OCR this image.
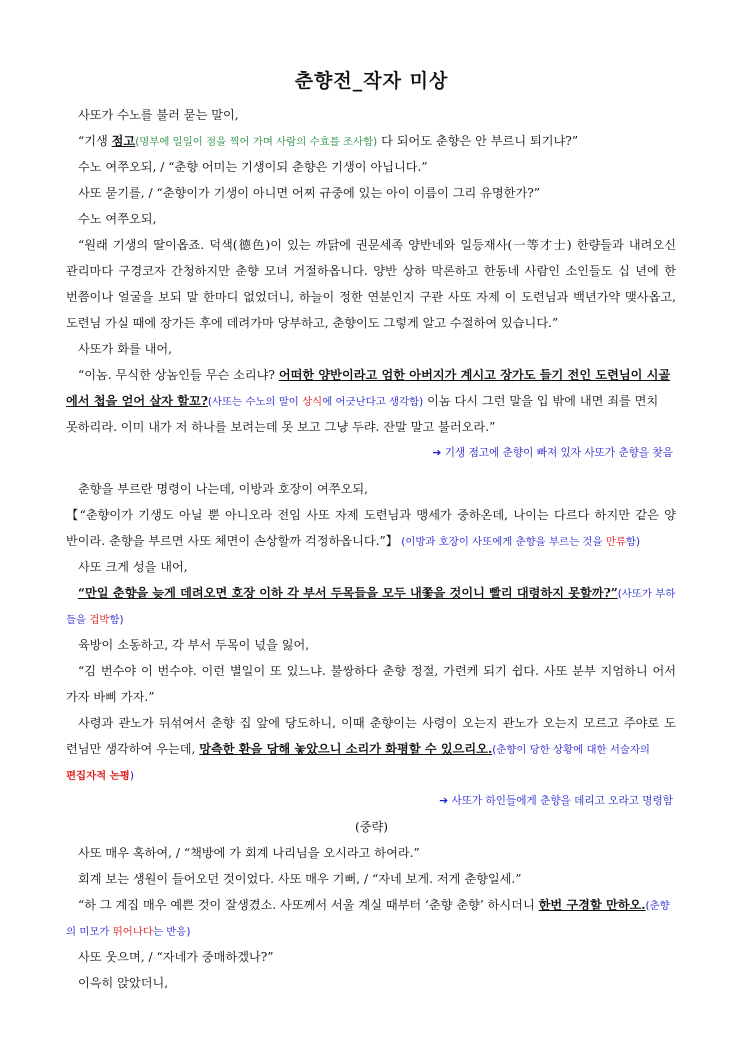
춘향전_작자 미상
사또가 수노를 불러 묻는 말이,
“기생 점고(명부에 일일이 점을 찍어 가며 사람의 수효를 조사함) 다 되어도 춘향은 안 부르니 퇴기냐?”
수노 여쭈오되, / “춘향 어미는 기생이되 춘향은 기생이 아닙니다.”
사또 묻기를, / “춘향이가 기생이 아니면 어찌 규중에 있는 아이 이름이 그리 유명한가?”
수노 여쭈오되,
“원래 기생의 딸이옵죠. 덕색(德色)이 있는 까닭에 권문세족 양반네와 일등재사(一等才士) 한량들과 내려오신
관리마다 구경코자 간청하지만 춘향 모녀 거절하옵니다. 양반 상하 막론하고 한동네 사람인 소인들도 십 년에 한
번쯤이나 얼굴을 보되 말 한마디 없었더니, 하늘이 정한 연분인지 구관 사또 자제 이 도련님과 백년가약 맺사옵고,
도련님 가실 때에 장가든 후에 데려가마 당부하고, 춘향이도 그렇게 알고 수절하여 있습니다.”
사또가 화를 내어,
“이놈. 무식한 상놈인들 무슨 소리냐? 어떠한 양반이라고 엄한 아버지가 계시고 장가도 들기 전인 도련님이 시골
에서 첩을 얻어 살자 할꼬?(사또는 수노의 말이 상식에 어긋난다고 생각함) 이놈 다시 그런 말을 입 밖에 내면 죄를 면치
못하리라. 이미 내가 저 하나를 보려는데 못 보고 그냥 두랴. 잔말 말고 불러오라.”
➔ 기생 점고에 춘향이 빠져 있자 사또가 춘향을 찾음
춘향을 부르란 명령이 나는데, 이방과 호장이 여쭈오되,
【“춘향이가 기생도 아닐 뿐 아니오라 전임 사또 자제 도련님과 맹세가 중하온데, 나이는 다르다 하지만 같은 양
반이라. 춘향을 부르면 사또 체면이 손상할까 걱정하옵니다.”】 (이방과 호장이 사또에게 춘향을 부르는 것을 만류함)
사또 크게 성을 내어,
“만일 춘향을 늦게 데려오면 호장 이하 각 부서 두목들을 모두 내쫓을 것이니 빨리 대령하지 못할까?”(사또가 부하
들을 겁박함)
육방이 소동하고, 각 부서 두목이 넋을 잃어,
“김 번수야 이 번수야. 이런 별일이 또 있느냐. 불쌍하다 춘향 정절, 가련케 되기 쉽다. 사또 분부 지엄하니 어서
가자 바삐 가자.”
사령과 관노가 뒤섞여서 춘향 집 앞에 당도하니, 이때 춘향이는 사령이 오는지 관노가 오는지 모르고 주야로 도
련님만 생각하여 우는데, 망측한 환을 당해 놓았으니 소리가 화평할 수 있으리오.(춘향이 당한 상황에 대한 서술자의
편집자적 논평)
➔ 사또가 하인들에게 춘향을 데리고 오라고 명령함
(중략)
사또 매우 혹하여, / “책방에 가 회계 나리님을 오시라고 하여라.”
회계 보는 생원이 들어오던 것이었다. 사또 매우 기뻐, / “자네 보게. 저게 춘향일세.”
“하 그 계집 매우 예쁜 것이 잘생겼소. 사또께서 서울 계실 때부터 ‘춘향 춘향’ 하시더니 한번 구경할 만하오.(춘향
의 미모가 뛰어나다는 반응)
사또 웃으며, / “자네가 중매하겠나?”
이윽히 앉았더니,
